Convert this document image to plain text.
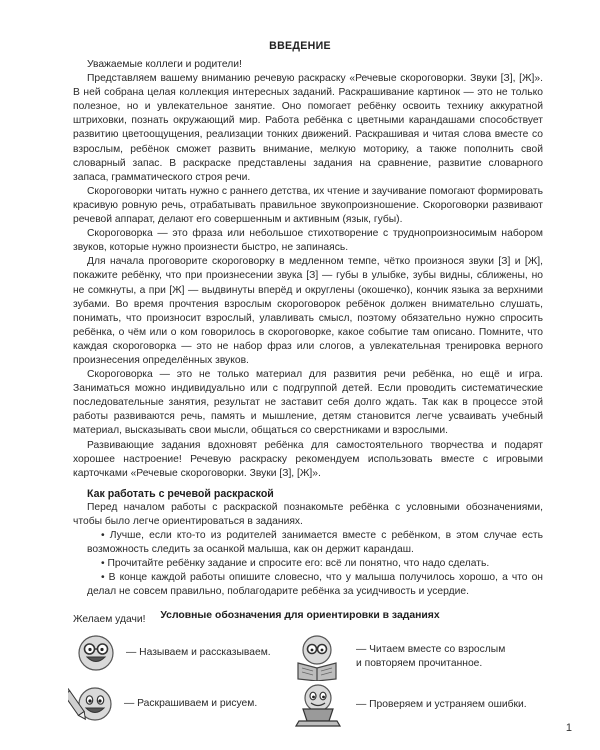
ВВЕДЕНИЕ

Уважаемые коллеги и родители!

Представляем вашему вниманию речевую раскраску «Речевые скороговорки. Звуки [З], [Ж]». В ней собрана целая коллекция интересных заданий. Раскрашивание картинок — это не только полезное, но и увлекательное занятие. Оно помогает ребёнку освоить технику аккуратной штриховки, познать окружающий мир. Работа ребёнка с цветными карандашами способствует развитию цветоощущения, реализации тонких движений. Раскрашивая и читая слова вместе со взрослым, ребёнок сможет развить внимание, мелкую моторику, а также пополнить свой словарный запас. В раскраске представлены задания на сравнение, развитие словарного запаса, грамматического строя речи.

Скороговорки читать нужно с раннего детства, их чтение и заучивание помогают формировать красивую ровную речь, отрабатывать правильное звукопроизношение. Скороговорки развивают речевой аппарат, делают его совершенным и активным (язык, губы).

Скороговорка — это фраза или небольшое стихотворение с труднопроизносимым набором звуков, которые нужно произнести быстро, не запинаясь.

Для начала проговорите скороговорку в медленном темпе, чётко произнося звуки [З] и [Ж], покажите ребёнку, что при произнесении звука [З] — губы в улыбке, зубы видны, сближены, но не сомкнуты, а при [Ж] — выдвинуты вперёд и округлены (окошечко), кончик языка за верхними зубами. Во время прочтения взрослым скороговорок ребёнок должен внимательно слушать, понимать, что произносит взрослый, улавливать смысл, поэтому обязательно нужно спросить ребёнка, о чём или о ком говорилось в скороговорке, какое событие там описано. Помните, что каждая скороговорка — это не набор фраз или слогов, а увлекательная тренировка верного произнесения определённых звуков.

Скороговорка — это не только материал для развития речи ребёнка, но ещё и игра. Заниматься можно индивидуально или с подгруппой детей. Если проводить систематические последовательные занятия, результат не заставит себя долго ждать. Так как в процессе этой работы развиваются речь, память и мышление, детям становится легче усваивать учебный материал, высказывать свои мысли, общаться со сверстниками и взрослыми.

Развивающие задания вдохновят ребёнка для самостоятельного творчества и подарят хорошее настроение! Речевую раскраску рекомендуем использовать вместе с игровыми карточками «Речевые скороговорки. Звуки [З], [Ж]».

Как работать с речевой раскраской

Перед началом работы с раскраской познакомьте ребёнка с условными обозначениями, чтобы было легче ориентироваться в заданиях.

• Лучше, если кто-то из родителей занимается вместе с ребёнком, в этом случае есть возможность следить за осанкой малыша, как он держит карандаш.

• Прочитайте ребёнку задание и спросите его: всё ли понятно, что надо сделать.

• В конце каждой работы опишите словесно, что у малыша получилось хорошо, а что он делал не совсем правильно, поблагодарите ребёнка за усидчивость и усердие.

Желаем удачи!	Условные обозначения для ориентировки в заданиях
— Называем и рассказываем.	— Читаем вместе со взрослым и повторяем прочитанное.
— Раскрашиваем и рисуем.	— Проверяем и устраняем ошибки.
1
